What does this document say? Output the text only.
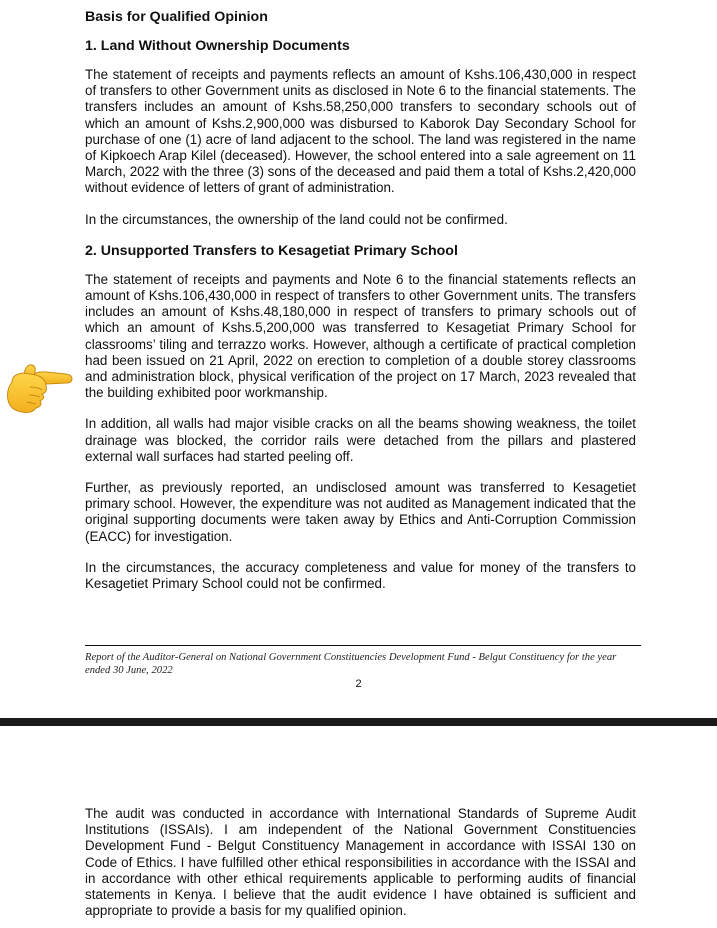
Basis for Qualified Opinion
1. Land Without Ownership Documents

The statement of receipts and payments reflects an amount of Kshs.106,430,000 in respect of transfers to other Government units as disclosed in Note 6 to the financial statements. The transfers includes an amount of Kshs.58,250,000 transfers to secondary schools out of which an amount of Kshs.2,900,000 was disbursed to Kaborok Day Secondary School for purchase of one (1) acre of land adjacent to the school. The land was registered in the name of Kipkoech Arap Kilel (deceased). However, the school entered into a sale agreement on 11 March, 2022 with the three (3) sons of the deceased and paid them a total of Kshs.2,420,000 without evidence of letters of grant of administration.

In the circumstances, the ownership of the land could not be confirmed.

2. Unsupported Transfers to Kesagetiat Primary School

The statement of receipts and payments and Note 6 to the financial statements reflects an amount of Kshs.106,430,000 in respect of transfers to other Government units. The transfers includes an amount of Kshs.48,180,000 in respect of transfers to primary schools out of which an amount of Kshs.5,200,000 was transferred to Kesagetiat Primary School for classrooms’ tiling and terrazzo works. However, although a certificate of practical completion had been issued on 21 April, 2022 on erection to completion of a double storey classrooms and administration block, physical verification of the project on 17 March, 2023 revealed that the building exhibited poor workmanship.

In addition, all walls had major visible cracks on all the beams showing weakness, the toilet drainage was blocked, the corridor rails were detached from the pillars and plastered external wall surfaces had started peeling off.

Further, as previously reported, an undisclosed amount was transferred to Kesagetiet primary school. However, the expenditure was not audited as Management indicated that the original supporting documents were taken away by Ethics and Anti-Corruption Commission (EACC) for investigation.

In the circumstances, the accuracy completeness and value for money of the transfers to Kesagetiet Primary School could not be confirmed.

Report of the Auditor-General on National Government Constituencies Development Fund - Belgut Constituency for the year ended 30 June, 2022
2

The audit was conducted in accordance with International Standards of Supreme Audit Institutions (ISSAIs). I am independent of the National Government Constituencies Development Fund - Belgut Constituency Management in accordance with ISSAI 130 on Code of Ethics. I have fulfilled other ethical responsibilities in accordance with the ISSAI and in accordance with other ethical requirements applicable to performing audits of financial statements in Kenya. I believe that the audit evidence I have obtained is sufficient and appropriate to provide a basis for my qualified opinion.
